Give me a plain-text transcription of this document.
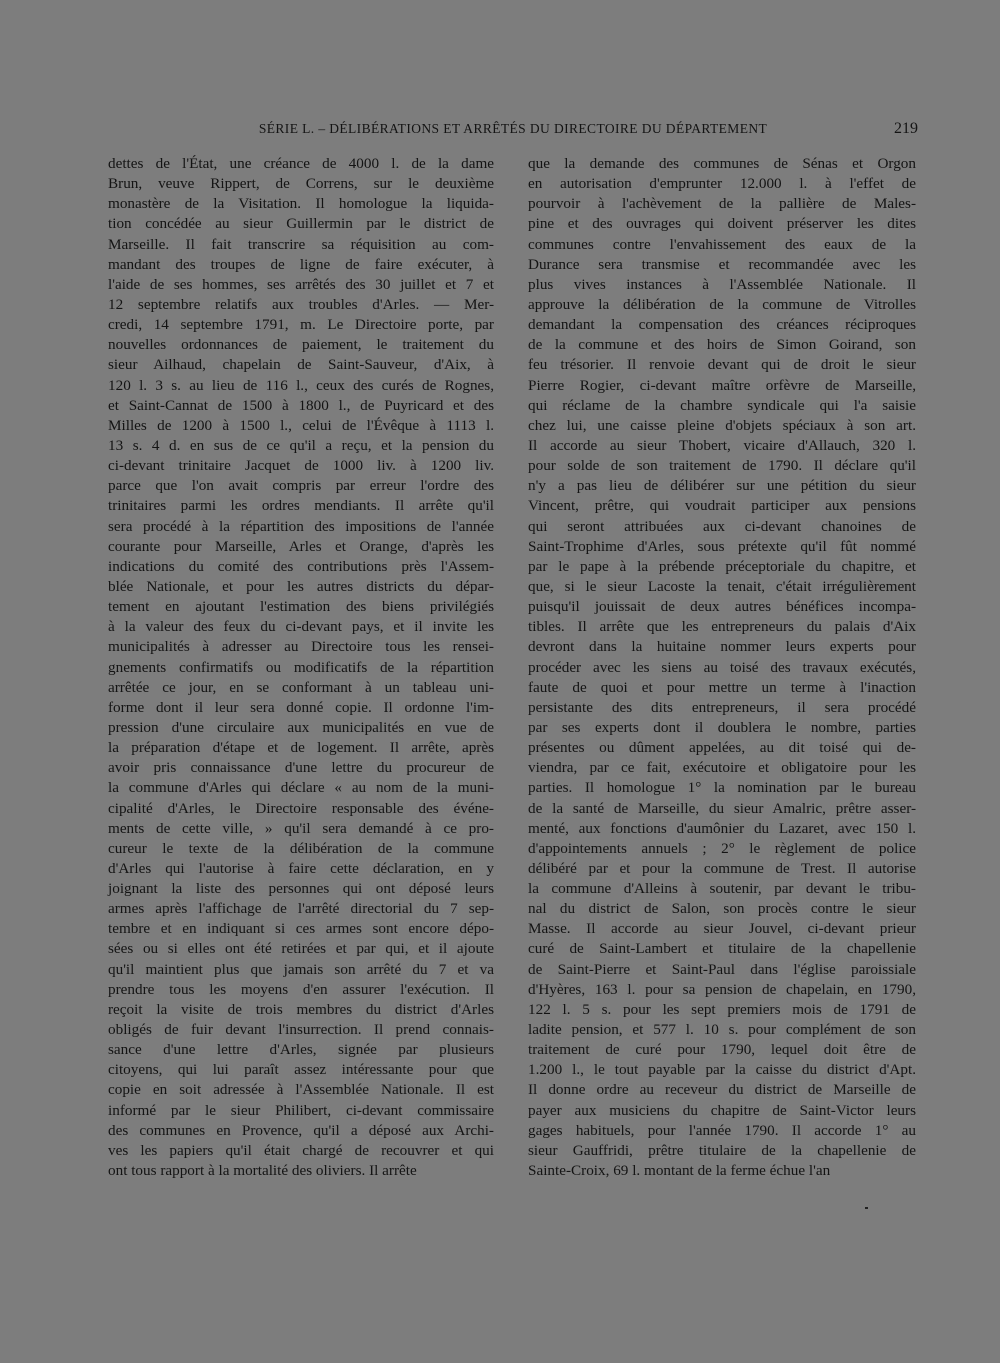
SÉRIE L. – DÉLIBÉRATIONS ET ARRÊTÉS DU DIRECTOIRE DU DÉPARTEMENT	219
dettes de l'État, une créance de 4000 l. de la dame
Brun, veuve Rippert, de Correns, sur le deuxième
monastère de la Visitation. Il homologue la liquida-
tion concédée au sieur Guillermin par le district de
Marseille. Il fait transcrire sa réquisition au com-
mandant des troupes de ligne de faire exécuter, à
l'aide de ses hommes, ses arrêtés des 30 juillet et 7 et
12 septembre relatifs aux troubles d'Arles. — Mer-
credi, 14 septembre 1791, m. Le Directoire porte, par
nouvelles ordonnances de paiement, le traitement du
sieur Ailhaud, chapelain de Saint-Sauveur, d'Aix, à
120 l. 3 s. au lieu de 116 l., ceux des curés de Rognes,
et Saint-Cannat de 1500 à 1800 l., de Puyricard et des
Milles de 1200 à 1500 l., celui de l'Évêque à 1113 l.
13 s. 4 d. en sus de ce qu'il a reçu, et la pension du
ci-devant trinitaire Jacquet de 1000 liv. à 1200 liv.
parce que l'on avait compris par erreur l'ordre des
trinitaires parmi les ordres mendiants. Il arrête qu'il
sera procédé à la répartition des impositions de l'année
courante pour Marseille, Arles et Orange, d'après les
indications du comité des contributions près l'Assem-
blée Nationale, et pour les autres districts du dépar-
tement en ajoutant l'estimation des biens privilégiés
à la valeur des feux du ci-devant pays, et il invite les
municipalités à adresser au Directoire tous les rensei-
gnements confirmatifs ou modificatifs de la répartition
arrêtée ce jour, en se conformant à un tableau uni-
forme dont il leur sera donné copie. Il ordonne l'im-
pression d'une circulaire aux municipalités en vue de
la préparation d'étape et de logement. Il arrête, après
avoir pris connaissance d'une lettre du procureur de
la commune d'Arles qui déclare « au nom de la muni-
cipalité d'Arles, le Directoire responsable des événe-
ments de cette ville, » qu'il sera demandé à ce pro-
cureur le texte de la délibération de la commune
d'Arles qui l'autorise à faire cette déclaration, en y
joignant la liste des personnes qui ont déposé leurs
armes après l'affichage de l'arrêté directorial du 7 sep-
tembre et en indiquant si ces armes sont encore dépo-
sées ou si elles ont été retirées et par qui, et il ajoute
qu'il maintient plus que jamais son arrêté du 7 et va
prendre tous les moyens d'en assurer l'exécution. Il
reçoit la visite de trois membres du district d'Arles
obligés de fuir devant l'insurrection. Il prend connais-
sance d'une lettre d'Arles, signée par plusieurs
citoyens, qui lui paraît assez intéressante pour que
copie en soit adressée à l'Assemblée Nationale. Il est
informé par le sieur Philibert, ci-devant commissaire
des communes en Provence, qu'il a déposé aux Archi-
ves les papiers qu'il était chargé de recouvrer et qui
ont tous rapport à la mortalité des oliviers. Il arrête
que la demande des communes de Sénas et Orgon
en autorisation d'emprunter 12.000 l. à l'effet de
pourvoir à l'achèvement de la pallière de Males-
pine et des ouvrages qui doivent préserver les dites
communes contre l'envahissement des eaux de la
Durance sera transmise et recommandée avec les
plus vives instances à l'Assemblée Nationale. Il
approuve la délibération de la commune de Vitrolles
demandant la compensation des créances réciproques
de la commune et des hoirs de Simon Goirand, son
feu trésorier. Il renvoie devant qui de droit le sieur
Pierre Rogier, ci-devant maître orfèvre de Marseille,
qui réclame de la chambre syndicale qui l'a saisie
chez lui, une caisse pleine d'objets spéciaux à son art.
Il accorde au sieur Thobert, vicaire d'Allauch, 320 l.
pour solde de son traitement de 1790. Il déclare qu'il
n'y a pas lieu de délibérer sur une pétition du sieur
Vincent, prêtre, qui voudrait participer aux pensions
qui seront attribuées aux ci-devant chanoines de
Saint-Trophime d'Arles, sous prétexte qu'il fût nommé
par le pape à la prébende préceptoriale du chapitre, et
que, si le sieur Lacoste la tenait, c'était irrégulièrement
puisqu'il jouissait de deux autres bénéfices incompa-
tibles. Il arrête que les entrepreneurs du palais d'Aix
devront dans la huitaine nommer leurs experts pour
procéder avec les siens au toisé des travaux exécutés,
faute de quoi et pour mettre un terme à l'inaction
persistante des dits entrepreneurs, il sera procédé
par ses experts dont il doublera le nombre, parties
présentes ou dûment appelées, au dit toisé qui de-
viendra, par ce fait, exécutoire et obligatoire pour les
parties. Il homologue 1° la nomination par le bureau
de la santé de Marseille, du sieur Amalric, prêtre asser-
menté, aux fonctions d'aumônier du Lazaret, avec 150 l.
d'appointements annuels ; 2° le règlement de police
délibéré par et pour la commune de Trest. Il autorise
la commune d'Alleins à soutenir, par devant le tribu-
nal du district de Salon, son procès contre le sieur
Masse. Il accorde au sieur Jouvel, ci-devant prieur
curé de Saint-Lambert et titulaire de la chapellenie
de Saint-Pierre et Saint-Paul dans l'église paroissiale
d'Hyères, 163 l. pour sa pension de chapelain, en 1790,
122 l. 5 s. pour les sept premiers mois de 1791 de
ladite pension, et 577 l. 10 s. pour complément de son
traitement de curé pour 1790, lequel doit être de
1.200 l., le tout payable par la caisse du district d'Apt.
Il donne ordre au receveur du district de Marseille de
payer aux musiciens du chapitre de Saint-Victor leurs
gages habituels, pour l'année 1790. Il accorde 1° au
sieur Gauffridi, prêtre titulaire de la chapellenie de
Sainte-Croix, 69 l. montant de la ferme échue l'an
